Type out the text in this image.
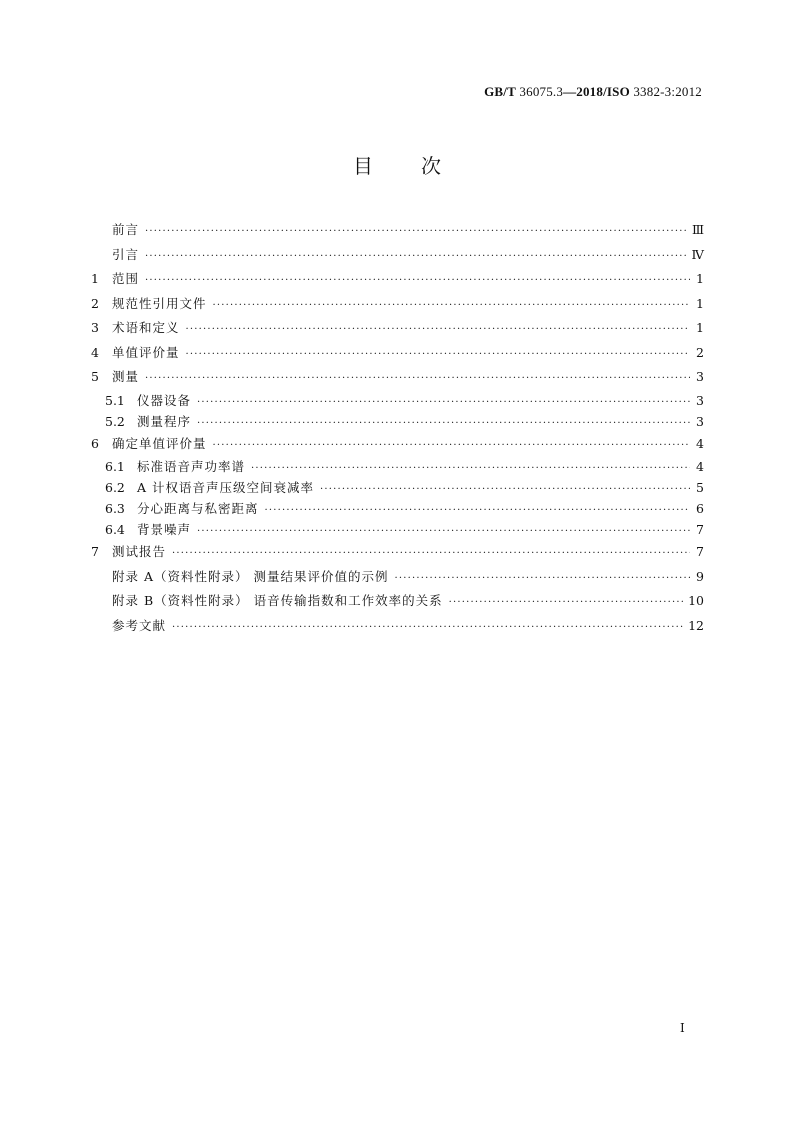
GB/T 36075.3—2018/ISO 3382-3:2012
目 次
前言 ·····	Ⅲ
引言 ·····	Ⅳ
1	范围 ·····	1
2	规范性引用文件 ·····	1
3	术语和定义 ·····	1
4	单值评价量 ·····	2
5	测量 ·····	3
5.1 仪器设备 ·····	3
5.2 测量程序 ·····	3
6	确定单值评价量 ·····	4
6.1 标准语音声功率谱 ·····	4
6.2 A 计权语音声压级空间衰减率 ·····	5
6.3 分心距离与私密距离 ·····	6
6.4 背景噪声 ·····	7
7	测试报告 ·····	7
附录 A（资料性附录） 测量结果评价值的示例 ·····	9
附录 B（资料性附录） 语音传输指数和工作效率的关系 ·····	10
参考文献 ·····	12
Ⅰ
